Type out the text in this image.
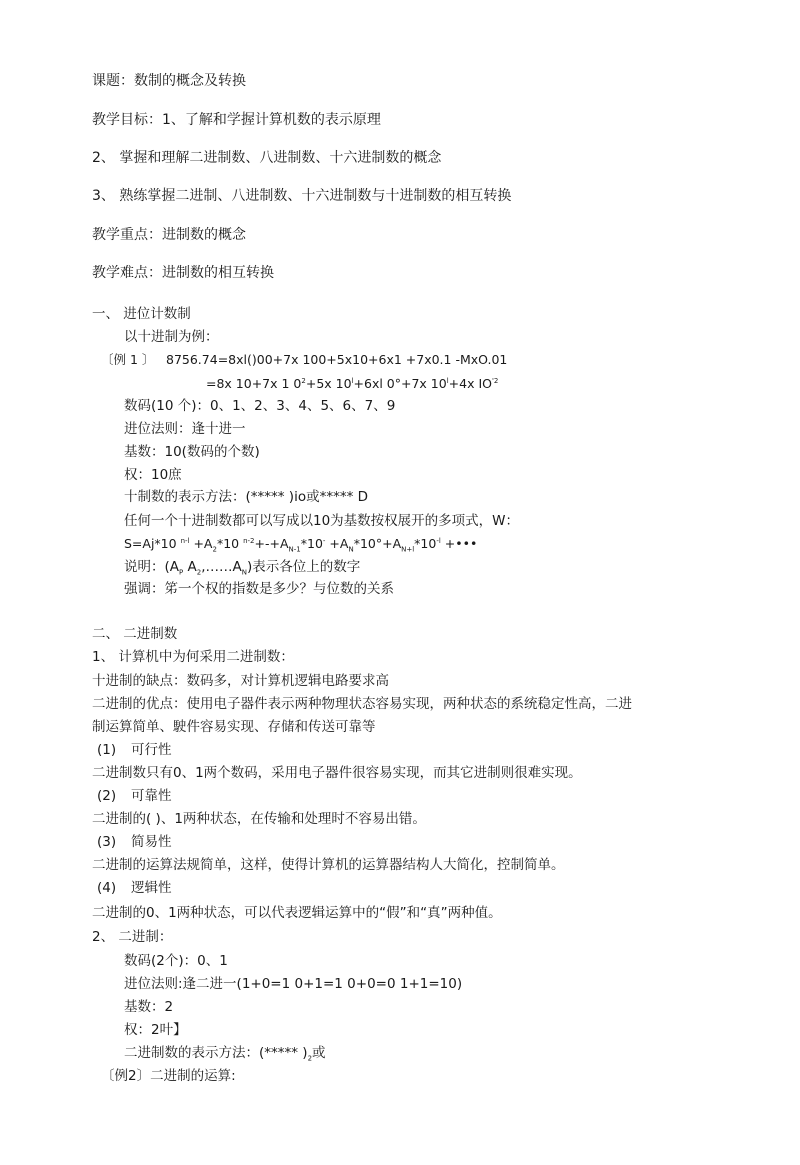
课题：数制的概念及转换
教学目标：1、了解和学握计算机数的表示原理
2、 掌握和理解二进制数、八进制数、十六进制数的概念
3、 熟练掌握二进制、八进制数、十六进制数与十进制数的相互转换
教学重点：进制数的概念
教学难点：进制数的相互转换
一、 进位计数制
以十进制为例：
〔例 1 〕 8756.74=8xl()00+7x 100+5x10+6x1 +7x0.1 -MxO.01
=8x 10+7x 1 $0^2+5x$ $10^l+6xl$ 0°+7x $10^l+4x$ $IO^{'2}$
数码(10 个)：0、1、2、3、4、5、6、7、9
进位法则：逢十进一
基数：10(数码的个数)
权：10庶
十制数的表示方法：(***** )io或***** D
任何一个十进制数都可以写成以10为基数按权展开的多项式，W：
S=Aj*10 $^{n-l} +A_2*10$ $^{n-2}+-+A_{N-1}*10^- +A_N*10^\circ+A_{N+l}*10^{-l}$ +•••
说明：($A_P$ $A_2,\dots\dots A_N$)表示各位上的数字
强调：笫一个权的指数是多少？与位数的关系
二、 二进制数
1、 计算机中为何采用二进制数：
十进制的缺点：数码多，对计算机逻辑电路要求高
二进制的优点：使用电子器件表示两种物理状态容易实现，两种状态的系统稳定性高，二进
制运算简单、駛件容易实现、存储和传送可靠等
(1) 可行性
二进制数只有0、1两个数码，采用电子器件很容易实现，而其它进制则很难实现。
(2) 可靠性
二进制的( )、1两种状态，在传输和处理时不容易出错。
(3) 简易性
二进制的运算法规简单，这样，使得计算机的运算器结构人大简化，控制简单。
(4) 逻辑性
二进制的0、1两种状态，可以代表逻辑运算中的“假”和“真”两种值。
2、 二进制：
数码(2个)：0、1
进位法则:逢二进一(1+0=1 0+1=1 0+0=0 1+1=10)
基数：2
权：2叶】
二进制数的表示方法：(***** )$_2$或
〔例2〕二进制的运算:
